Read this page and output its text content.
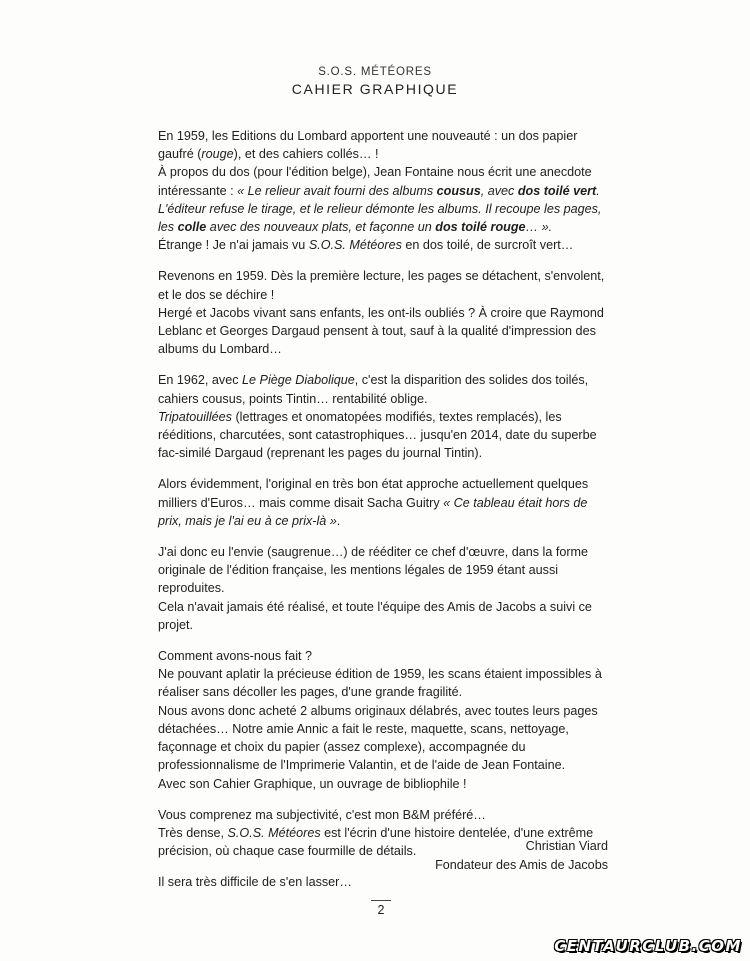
S.O.S. MÉTÉORES
CAHIER GRAPHIQUE

En 1959, les Editions du Lombard apportent une nouveauté : un dos papier gaufré (rouge), et des cahiers collés… !

À propos du dos (pour l'édition belge), Jean Fontaine nous écrit une anecdote intéressante : « Le relieur avait fourni des albums cousus, avec dos toilé vert. L'éditeur refuse le tirage, et le relieur démonte les albums. Il recoupe les pages, les colle avec des nouveaux plats, et façonne un dos toilé rouge… ».

Étrange ! Je n'ai jamais vu S.O.S. Météores en dos toilé, de surcroît vert…

Revenons en 1959. Dès la première lecture, les pages se détachent, s'envolent, et le dos se déchire !

Hergé et Jacobs vivant sans enfants, les ont-ils oubliés ? À croire que Raymond Leblanc et Georges Dargaud pensent à tout, sauf à la qualité d'impression des albums du Lombard…

En 1962, avec Le Piège Diabolique, c'est la disparition des solides dos toilés, cahiers cousus, points Tintin… rentabilité oblige.

Tripatouillées (lettrages et onomatopées modifiés, textes remplacés), les rééditions, charcutées, sont catastrophiques… jusqu'en 2014, date du superbe fac-similé Dargaud (reprenant les pages du journal Tintin).

Alors évidemment, l'original en très bon état approche actuellement quelques milliers d'Euros… mais comme disait Sacha Guitry « Ce tableau était hors de prix, mais je l'ai eu à ce prix-là ».

J'ai donc eu l'envie (saugrenue…) de rééditer ce chef d'œuvre, dans la forme originale de l'édition française, les mentions légales de 1959 étant aussi reproduites.

Cela n'avait jamais été réalisé, et toute l'équipe des Amis de Jacobs a suivi ce projet.

Comment avons-nous fait ?

Ne pouvant aplatir la précieuse édition de 1959, les scans étaient impossibles à réaliser sans décoller les pages, d'une grande fragilité.

Nous avons donc acheté 2 albums originaux délabrés, avec toutes leurs pages détachées… Notre amie Annic a fait le reste, maquette, scans, nettoyage, façonnage et choix du papier (assez complexe), accompagnée du professionnalisme de l'Imprimerie Valantin, et de l'aide de Jean Fontaine.

Avec son Cahier Graphique, un ouvrage de bibliophile !

Vous comprenez ma subjectivité, c'est mon B&M préféré…

Très dense, S.O.S. Météores est l'écrin d'une histoire dentelée, d'une extrême précision, où chaque case fourmille de détails.

Il sera très difficile de s'en lasser…

Christian Viard
Fondateur des Amis de Jacobs
2
CENTAURCLUB.COM
